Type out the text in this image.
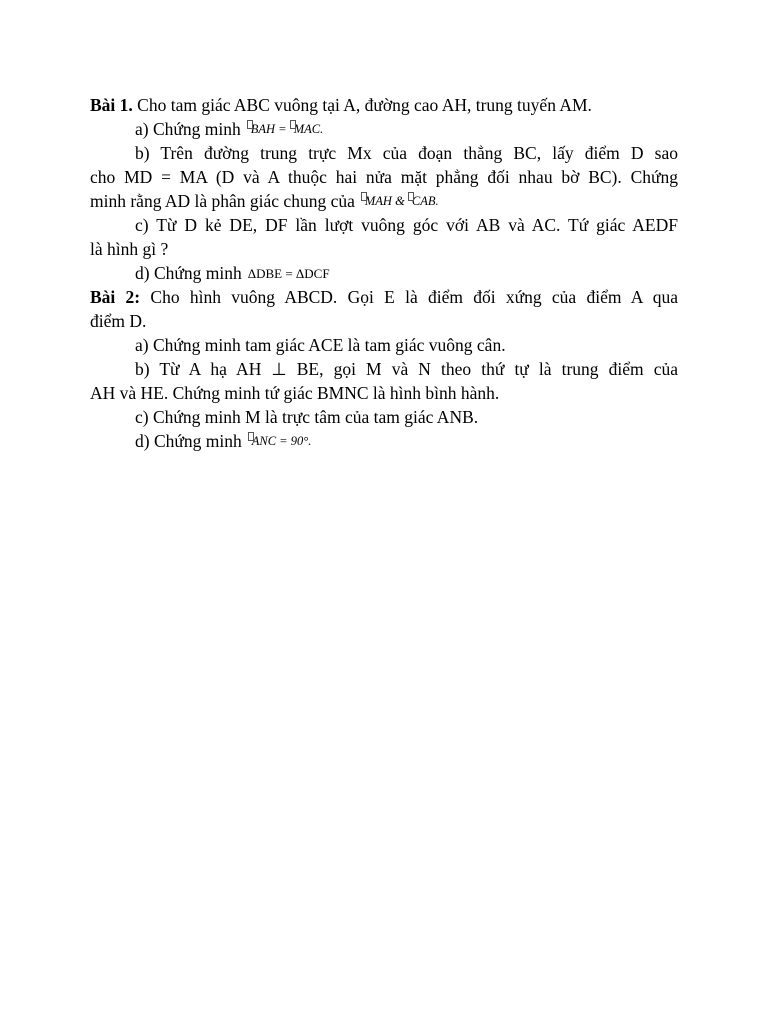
Bài 1. Cho tam giác ABC vuông tại A, đường cao AH, trung tuyến AM.
a) Chứng minh BAH = MAC.
b) Trên đường trung trực Mx của đoạn thẳng BC, lấy điểm D sao
cho MD = MA (D và A thuộc hai nửa mặt phẳng đối nhau bờ BC). Chứng
minh rằng AD là phân giác chung của MAH & CAB.
c) Từ D kẻ DE, DF lần lượt vuông góc với AB và AC. Tứ giác AEDF
là hình gì ?
d) Chứng minh ΔDBE = ΔDCF
Bài 2: Cho hình vuông ABCD. Gọi E là điểm đối xứng của điểm A qua
điểm D.
a) Chứng minh tam giác ACE là tam giác vuông cân.
b) Từ A hạ AH ⊥ BE, gọi M và N theo thứ tự là trung điểm của
AH và HE. Chứng minh tứ giác BMNC là hình bình hành.
c) Chứng minh M là trực tâm của tam giác ANB.
d) Chứng minh ANC = 90°.
